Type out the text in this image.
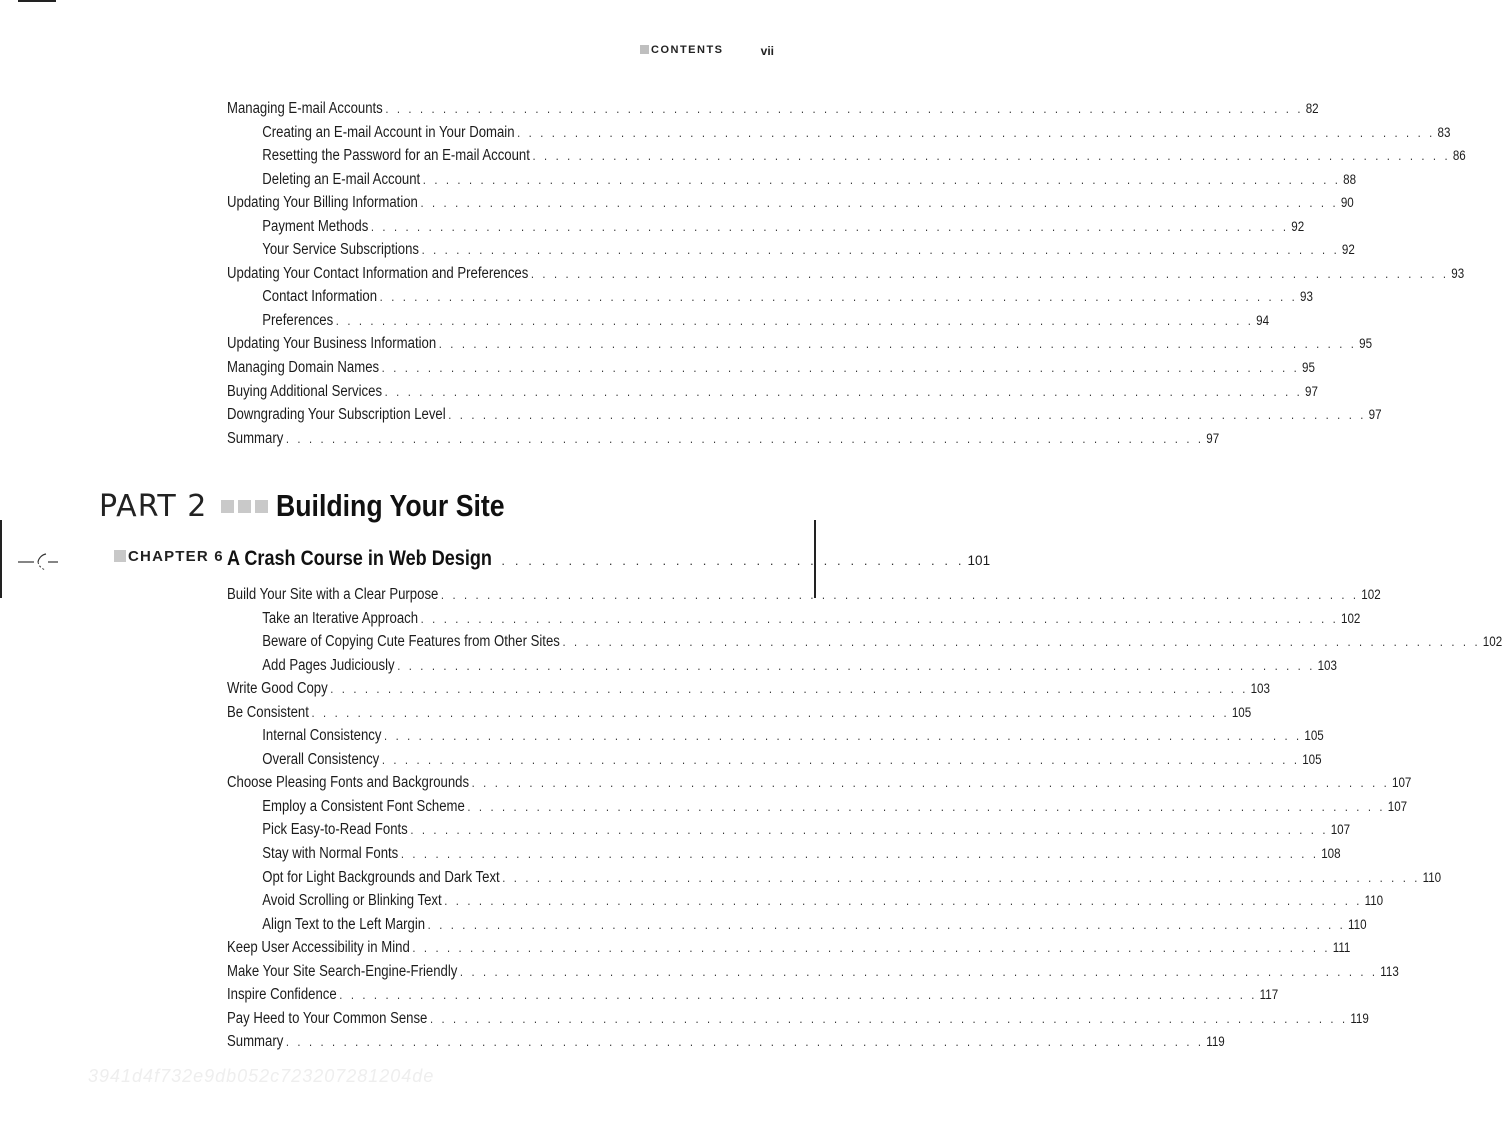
CONTENTS	vii
Managing E-mail Accounts . . . . . . . . . . . . . . . . . . . . . . . . . . . . . . . . . . . . . . . . . . . . . . . . . . . . . . . . . . . . . . . . . . . . . . . . . . . . . . . . 82
Creating an E-mail Account in Your Domain . . . . . . . . . . . . . . . . . . . . . . . . . . . . . . . . . . . . . . . . . . . . . . . . . . . . . . . . . . . . . . . . . . . . . . . . . . . . . . . . 83
Resetting the Password for an E-mail Account . . . . . . . . . . . . . . . . . . . . . . . . . . . . . . . . . . . . . . . . . . . . . . . . . . . . . . . . . . . . . . . . . . . . . . . . . . . . . . . . 86
Deleting an E-mail Account . . . . . . . . . . . . . . . . . . . . . . . . . . . . . . . . . . . . . . . . . . . . . . . . . . . . . . . . . . . . . . . . . . . . . . . . . . . . . . . . 88
Updating Your Billing Information . . . . . . . . . . . . . . . . . . . . . . . . . . . . . . . . . . . . . . . . . . . . . . . . . . . . . . . . . . . . . . . . . . . . . . . . . . . . . . . . 90
Payment Methods . . . . . . . . . . . . . . . . . . . . . . . . . . . . . . . . . . . . . . . . . . . . . . . . . . . . . . . . . . . . . . . . . . . . . . . . . . . . . . . . 92
Your Service Subscriptions . . . . . . . . . . . . . . . . . . . . . . . . . . . . . . . . . . . . . . . . . . . . . . . . . . . . . . . . . . . . . . . . . . . . . . . . . . . . . . . . 92
Updating Your Contact Information and Preferences . . . . . . . . . . . . . . . . . . . . . . . . . . . . . . . . . . . . . . . . . . . . . . . . . . . . . . . . . . . . . . . . . . . . . . . . . . . . . . . . 93
Contact Information . . . . . . . . . . . . . . . . . . . . . . . . . . . . . . . . . . . . . . . . . . . . . . . . . . . . . . . . . . . . . . . . . . . . . . . . . . . . . . . . 93
Preferences . . . . . . . . . . . . . . . . . . . . . . . . . . . . . . . . . . . . . . . . . . . . . . . . . . . . . . . . . . . . . . . . . . . . . . . . . . . . . . . . 94
Updating Your Business Information . . . . . . . . . . . . . . . . . . . . . . . . . . . . . . . . . . . . . . . . . . . . . . . . . . . . . . . . . . . . . . . . . . . . . . . . . . . . . . . . 95
Managing Domain Names . . . . . . . . . . . . . . . . . . . . . . . . . . . . . . . . . . . . . . . . . . . . . . . . . . . . . . . . . . . . . . . . . . . . . . . . . . . . . . . . 95
Buying Additional Services . . . . . . . . . . . . . . . . . . . . . . . . . . . . . . . . . . . . . . . . . . . . . . . . . . . . . . . . . . . . . . . . . . . . . . . . . . . . . . . . 97
Downgrading Your Subscription Level . . . . . . . . . . . . . . . . . . . . . . . . . . . . . . . . . . . . . . . . . . . . . . . . . . . . . . . . . . . . . . . . . . . . . . . . . . . . . . . . 97
Summary . . . . . . . . . . . . . . . . . . . . . . . . . . . . . . . . . . . . . . . . . . . . . . . . . . . . . . . . . . . . . . . . . . . . . . . . . . . . . . . . 97
PART 2 Building Your Site
CHAPTER 6 A Crash Course in Web Design
. . . . . . . . . . . . . . . . . . . . . . . . . . . . . . . . . . . . 101
Build Your Site with a Clear Purpose . . . . . . . . . . . . . . . . . . . . . . . . . . . . . . . . . . . . . . . . . . . . . . . . . . . . . . . . . . . . . . . . . . . . . . . . . . . . . . . . 102
Take an Iterative Approach . . . . . . . . . . . . . . . . . . . . . . . . . . . . . . . . . . . . . . . . . . . . . . . . . . . . . . . . . . . . . . . . . . . . . . . . . . . . . . . . 102
Beware of Copying Cute Features from Other Sites . . . . . . . . . . . . . . . . . . . . . . . . . . . . . . . . . . . . . . . . . . . . . . . . . . . . . . . . . . . . . . . . . . . . . . . . . . . . . . . . 102
Add Pages Judiciously . . . . . . . . . . . . . . . . . . . . . . . . . . . . . . . . . . . . . . . . . . . . . . . . . . . . . . . . . . . . . . . . . . . . . . . . . . . . . . . . 103
Write Good Copy . . . . . . . . . . . . . . . . . . . . . . . . . . . . . . . . . . . . . . . . . . . . . . . . . . . . . . . . . . . . . . . . . . . . . . . . . . . . . . . . 103
Be Consistent . . . . . . . . . . . . . . . . . . . . . . . . . . . . . . . . . . . . . . . . . . . . . . . . . . . . . . . . . . . . . . . . . . . . . . . . . . . . . . . . 105
Internal Consistency . . . . . . . . . . . . . . . . . . . . . . . . . . . . . . . . . . . . . . . . . . . . . . . . . . . . . . . . . . . . . . . . . . . . . . . . . . . . . . . . 105
Overall Consistency . . . . . . . . . . . . . . . . . . . . . . . . . . . . . . . . . . . . . . . . . . . . . . . . . . . . . . . . . . . . . . . . . . . . . . . . . . . . . . . . 105
Choose Pleasing Fonts and Backgrounds . . . . . . . . . . . . . . . . . . . . . . . . . . . . . . . . . . . . . . . . . . . . . . . . . . . . . . . . . . . . . . . . . . . . . . . . . . . . . . . . 107
Employ a Consistent Font Scheme . . . . . . . . . . . . . . . . . . . . . . . . . . . . . . . . . . . . . . . . . . . . . . . . . . . . . . . . . . . . . . . . . . . . . . . . . . . . . . . . 107
Pick Easy-to-Read Fonts . . . . . . . . . . . . . . . . . . . . . . . . . . . . . . . . . . . . . . . . . . . . . . . . . . . . . . . . . . . . . . . . . . . . . . . . . . . . . . . . 107
Stay with Normal Fonts . . . . . . . . . . . . . . . . . . . . . . . . . . . . . . . . . . . . . . . . . . . . . . . . . . . . . . . . . . . . . . . . . . . . . . . . . . . . . . . . 108
Opt for Light Backgrounds and Dark Text . . . . . . . . . . . . . . . . . . . . . . . . . . . . . . . . . . . . . . . . . . . . . . . . . . . . . . . . . . . . . . . . . . . . . . . . . . . . . . . . 110
Avoid Scrolling or Blinking Text . . . . . . . . . . . . . . . . . . . . . . . . . . . . . . . . . . . . . . . . . . . . . . . . . . . . . . . . . . . . . . . . . . . . . . . . . . . . . . . . 110
Align Text to the Left Margin . . . . . . . . . . . . . . . . . . . . . . . . . . . . . . . . . . . . . . . . . . . . . . . . . . . . . . . . . . . . . . . . . . . . . . . . . . . . . . . . 110
Keep User Accessibility in Mind . . . . . . . . . . . . . . . . . . . . . . . . . . . . . . . . . . . . . . . . . . . . . . . . . . . . . . . . . . . . . . . . . . . . . . . . . . . . . . . . 111
Make Your Site Search-Engine-Friendly . . . . . . . . . . . . . . . . . . . . . . . . . . . . . . . . . . . . . . . . . . . . . . . . . . . . . . . . . . . . . . . . . . . . . . . . . . . . . . . . 113
Inspire Confidence . . . . . . . . . . . . . . . . . . . . . . . . . . . . . . . . . . . . . . . . . . . . . . . . . . . . . . . . . . . . . . . . . . . . . . . . . . . . . . . . 117
Pay Heed to Your Common Sense . . . . . . . . . . . . . . . . . . . . . . . . . . . . . . . . . . . . . . . . . . . . . . . . . . . . . . . . . . . . . . . . . . . . . . . . . . . . . . . . 119
Summary . . . . . . . . . . . . . . . . . . . . . . . . . . . . . . . . . . . . . . . . . . . . . . . . . . . . . . . . . . . . . . . . . . . . . . . . . . . . . . . . 119
3941d4f732e9db052c723207281204de
